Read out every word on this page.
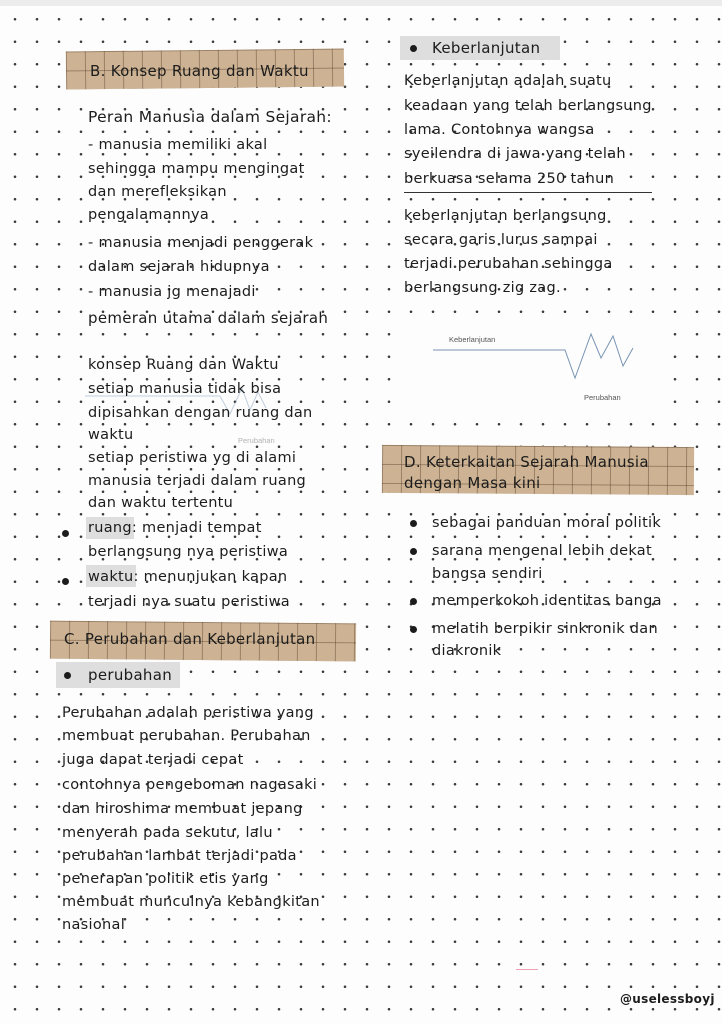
B. Konsep Ruang dan Waktu
Peran Manusia dalam Sejarah:
- manusia memiliki akal
sehingga mampu mengingat
dan merefleksikan
pengalamannya
- manusia menjadi penggerak
dalam sejarah hidupnya
- manusia jg menajadi
pemeran utama dalam sejarah
Perubahan
konsep Ruang dan Waktu
setiap manusia tidak bisa
dipisahkan dengan ruang dan
waktu
setiap peristiwa yg di alami
manusia terjadi dalam ruang
dan waktu tertentu
ruang: menjadi tempat
berlangsung nya peristiwa
waktu: menunjukan kapan
terjadi nya suatu peristiwa
C. Perubahan dan Keberlanjutan
perubahan
Perubahan adalah peristiwa yang
membuat perubahan. Perubahan
juga dapat terjadi cepat
contohnya pengeboman nagasaki
dan hiroshima membuat jepang
menyerah pada sekutu, lalu
perubahan lambat terjadi pada
penerapan politik etis yang
membuat munculnya kebangkitan
nasional
Keberlanjutan
Keberlanjutan adalah suatu
keadaan yang telah berlangsung
lama. Contohnya wangsa
syeilendra di jawa yang telah
berkuasa selama 250 tahun
keberlanjutan berlangsung
secara garis lurus sampai
terjadi perubahan sehingga
berlangsung zig zag.
Keberlanjutan
Perubahan
D. Keterkaitan Sejarah Manusia
dengan Masa kini
sebagai panduan moral politik
sarana mengenal lebih dekat
bangsa sendiri
memperkokoh identitas banga
melatih berpikir sinkronik dan
diakronik
@uselessboyj
